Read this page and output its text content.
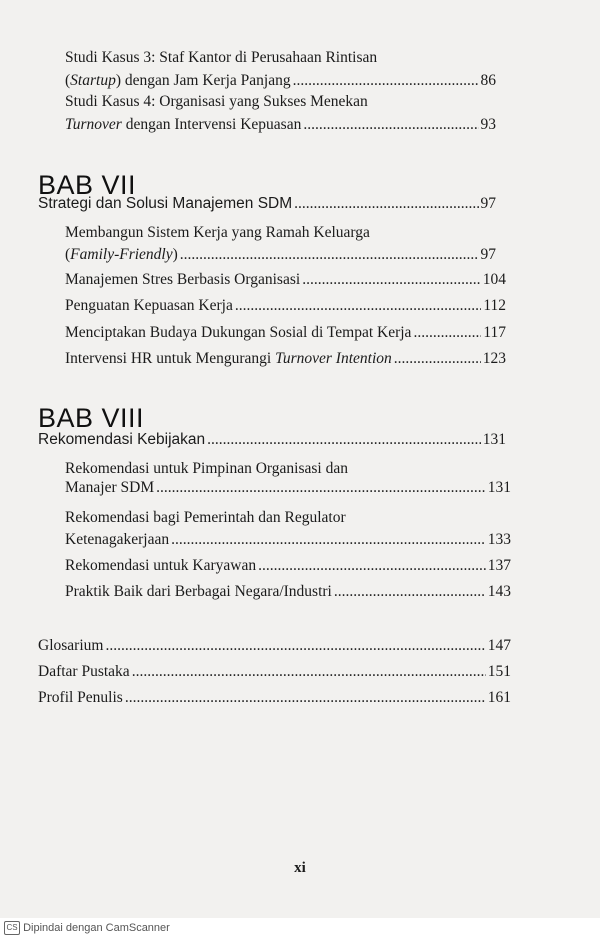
Studi Kasus 3: Staf Kantor di Perusahaan Rintisan
(Startup) dengan Jam Kerja Panjang .....	86
Studi Kasus 4: Organisasi yang Sukses Menekan
Turnover dengan Intervensi Kepuasan .....	93
BAB VII
Strategi dan Solusi Manajemen SDM .....	97
Membangun Sistem Kerja yang Ramah Keluarga
(Family-Friendly) .....	97
Manajemen Stres Berbasis Organisasi .....	104
Penguatan Kepuasan Kerja .....	112
Menciptakan Budaya Dukungan Sosial di Tempat Kerja .....	117
Intervensi HR untuk Mengurangi Turnover Intention .....	123
BAB VIII
Rekomendasi Kebijakan .....	131
Rekomendasi untuk Pimpinan Organisasi dan
Manajer SDM .....	131
Rekomendasi bagi Pemerintah dan Regulator
Ketenagakerjaan .....	133
Rekomendasi untuk Karyawan .....	137
Praktik Baik dari Berbagai Negara/Industri .....	143
Glosarium .....	147
Daftar Pustaka .....	151
Profil Penulis .....	161
xi
CS Dipindai dengan CamScanner
